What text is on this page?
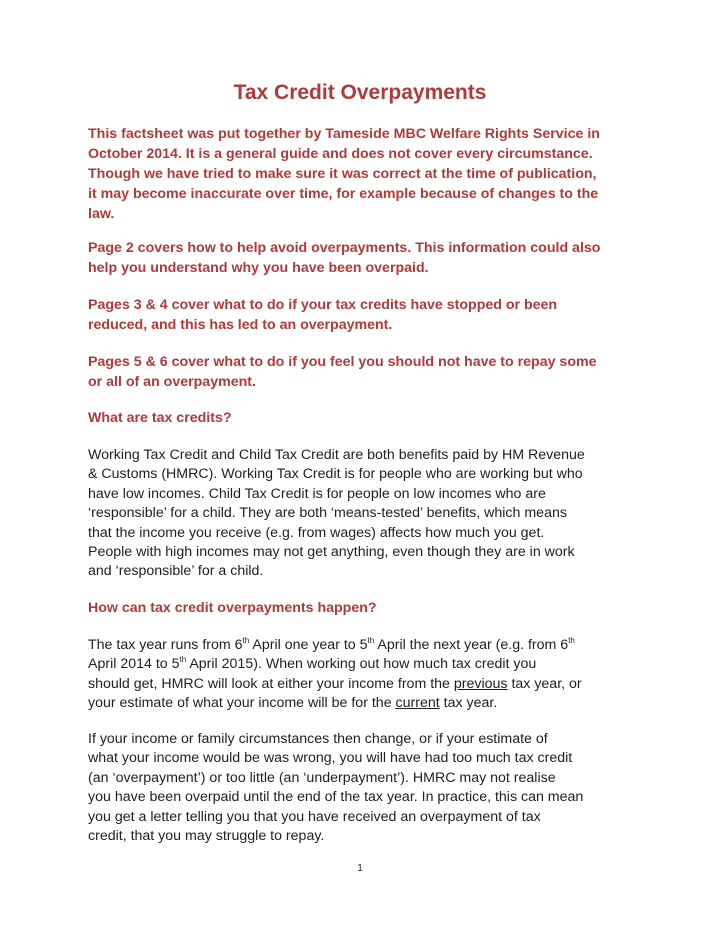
Tax Credit Overpayments

This factsheet was put together by Tameside MBC Welfare Rights Service in
October 2014. It is a general guide and does not cover every circumstance.
Though we have tried to make sure it was correct at the time of publication,
it may become inaccurate over time, for example because of changes to the
law.

Page 2 covers how to help avoid overpayments. This information could also
help you understand why you have been overpaid.

Pages 3 & 4 cover what to do if your tax credits have stopped or been
reduced, and this has led to an overpayment.

Pages 5 & 6 cover what to do if you feel you should not have to repay some
or all of an overpayment.

What are tax credits?

Working Tax Credit and Child Tax Credit are both benefits paid by HM Revenue
& Customs (HMRC). Working Tax Credit is for people who are working but who
have low incomes. Child Tax Credit is for people on low incomes who are
‘responsible’ for a child. They are both ‘means-tested’ benefits, which means
that the income you receive (e.g. from wages) affects how much you get.
People with high incomes may not get anything, even though they are in work
and ‘responsible’ for a child.

How can tax credit overpayments happen?

The tax year runs from 6th April one year to 5th April the next year (e.g. from 6th
April 2014 to 5th April 2015). When working out how much tax credit you
should get, HMRC will look at either your income from the previous tax year, or
your estimate of what your income will be for the current tax year.

If your income or family circumstances then change, or if your estimate of
what your income would be was wrong, you will have had too much tax credit
(an ‘overpayment’) or too little (an ‘underpayment’). HMRC may not realise
you have been overpaid until the end of the tax year. In practice, this can mean
you get a letter telling you that you have received an overpayment of tax
credit, that you may struggle to repay.

1
